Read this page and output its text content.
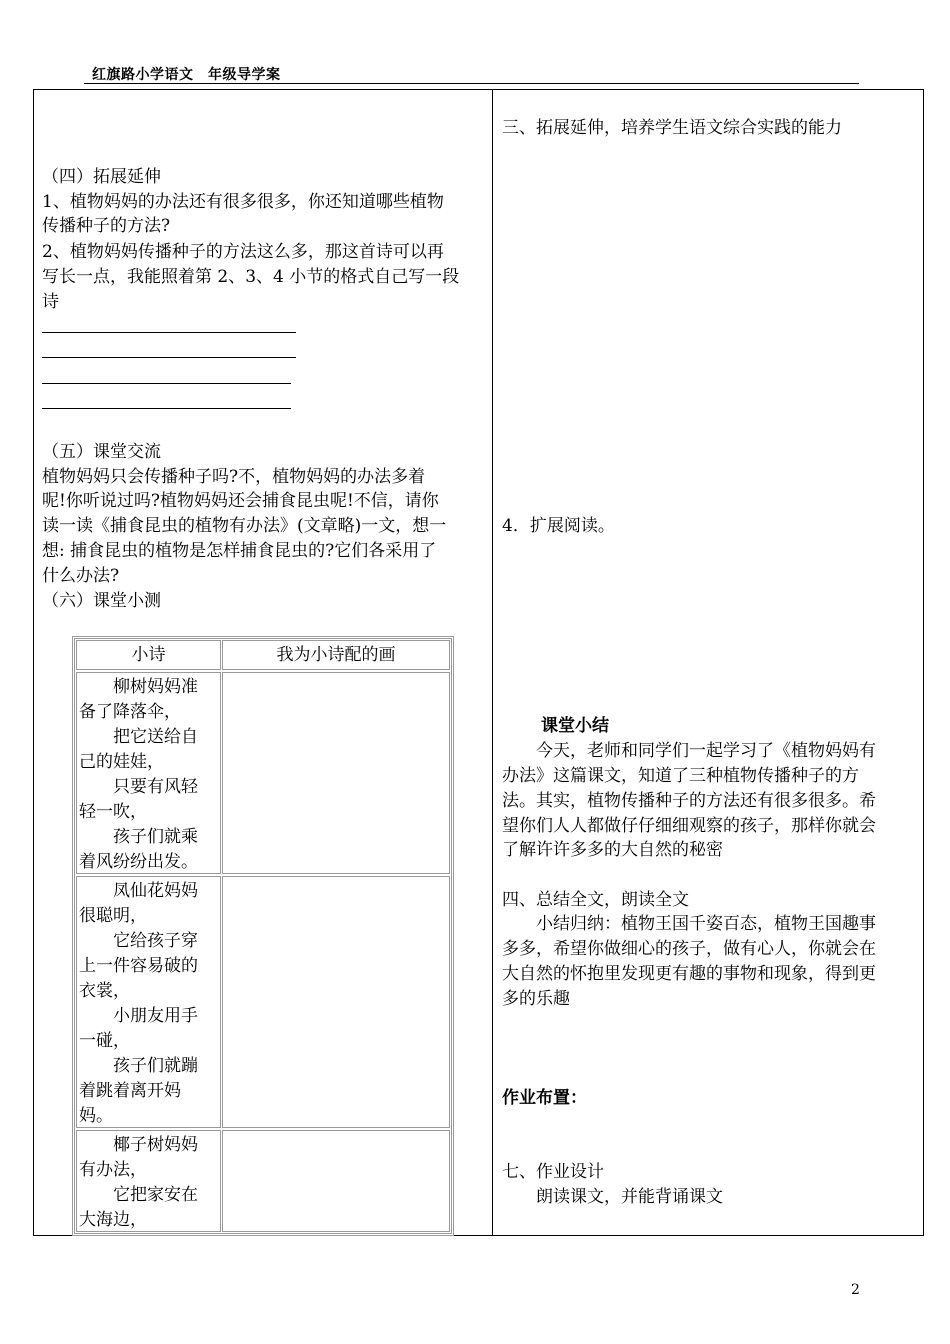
红旗路小学语文　年级导学案
（四）拓展延伸
1、植物妈妈的办法还有很多很多，你还知道哪些植物
传播种子的方法?
2、植物妈妈传播种子的方法这么多，那这首诗可以再
写长一点，我能照着第 2、3、4 小节的格式自己写一段
诗
（五）课堂交流
植物妈妈只会传播种子吗?不，植物妈妈的办法多着
呢!你听说过吗?植物妈妈还会捕食昆虫呢!不信，请你
读一读《捕食昆虫的植物有办法》(文章略)一文，想一
想: 捕食昆虫的植物是怎样捕食昆虫的?它们各采用了
什么办法?
（六）课堂小测
小诗	我为小诗配的画
　　柳树妈妈准
备了降落伞，
　　把它送给自
己的娃娃，
　　只要有风轻
轻一吹，
　　孩子们就乘
着风纷纷出发。
　　凤仙花妈妈
很聪明，
　　它给孩子穿
上一件容易破的
衣裳，
　　小朋友用手
一碰，
　　孩子们就蹦
着跳着离开妈
妈。
　　椰子树妈妈
有办法，
　　它把家安在
大海边，
三、拓展延伸，培养学生语文综合实践的能力
4．扩展阅读。
课堂小结
　　今天，老师和同学们一起学习了《植物妈妈有
办法》这篇课文，知道了三种植物传播种子的方
法。其实，植物传播种子的方法还有很多很多。希
望你们人人都做仔仔细细观察的孩子，那样你就会
了解许许多多的大自然的秘密
四、总结全文，朗读全文
　　小结归纳：植物王国千姿百态，植物王国趣事
多多，希望你做细心的孩子，做有心人，你就会在
大自然的怀抱里发现更有趣的事物和现象，得到更
多的乐趣
作业布置：
七、作业设计
　　朗读课文，并能背诵课文
2
